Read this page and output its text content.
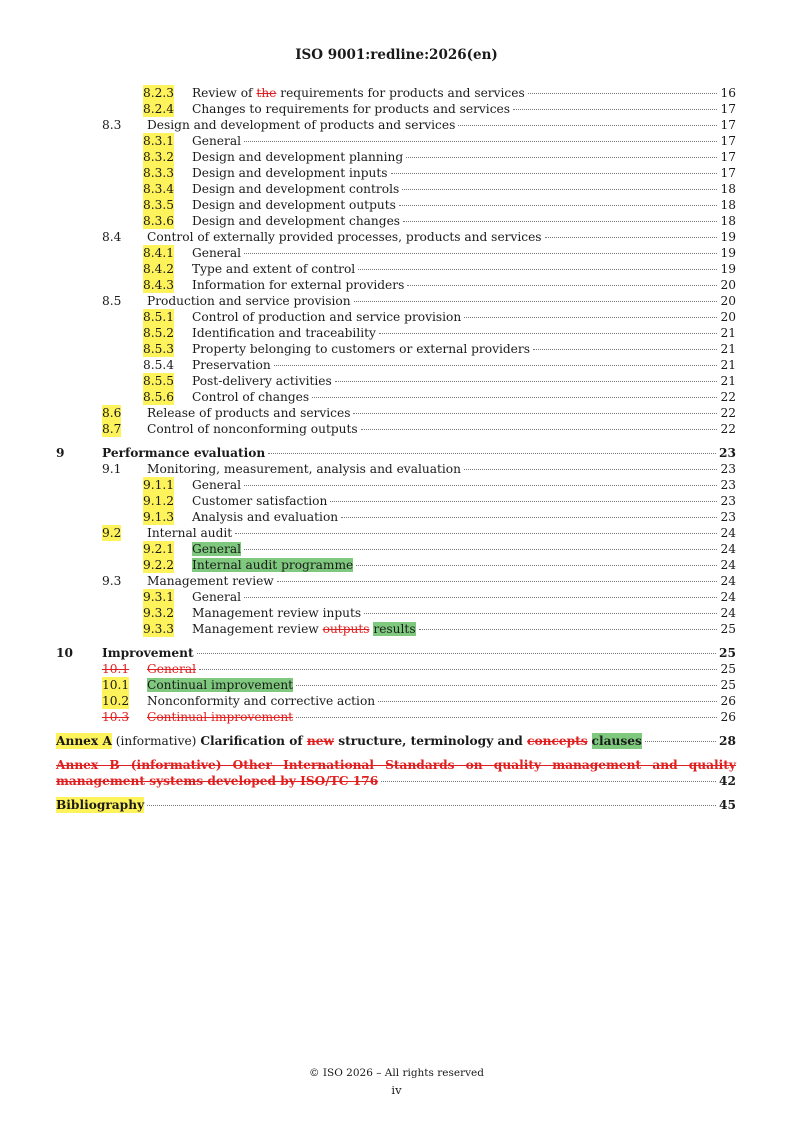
ISO 9001:redline:2026(en)
8.2.3 Review of the requirements for products and services	16
8.2.4 Changes to requirements for products and services	17
8.3 Design and development of products and services	17
8.3.1 General	17
8.3.2 Design and development planning	17
8.3.3 Design and development inputs	17
8.3.4 Design and development controls	18
8.3.5 Design and development outputs	18
8.3.6 Design and development changes	18
8.4 Control of externally provided processes, products and services	19
8.4.1 General	19
8.4.2 Type and extent of control	19
8.4.3 Information for external providers	20
8.5 Production and service provision	20
8.5.1 Control of production and service provision	20
8.5.2 Identification and traceability	21
8.5.3 Property belonging to customers or external providers	21
8.5.4 Preservation	21
8.5.5 Post-delivery activities	21
8.5.6 Control of changes	22
8.6 Release of products and services	22
8.7 Control of nonconforming outputs	22
9	Performance evaluation	23
9.1 Monitoring, measurement, analysis and evaluation	23
9.1.1 General	23
9.1.2 Customer satisfaction	23
9.1.3 Analysis and evaluation	23
9.2 Internal audit	24
9.2.1 General	24
9.2.2 Internal audit programme	24
9.3 Management review	24
9.3.1 General	24
9.3.2 Management review inputs	24
9.3.3 Management review outputs results	25
10 Improvement	25
10.1 General	25
10.1 Continual improvement	25
10.2 Nonconformity and corrective action	26
10.3 Continual improvement	26
Annex A (informative) Clarification of new structure, terminology and concepts
clauses	28
Annex B (informative) Other International Standards on quality management and quality
management systems developed by ISO/TC 176	42
Bibliography	45
© ISO 2026 – All rights reserved
iv
